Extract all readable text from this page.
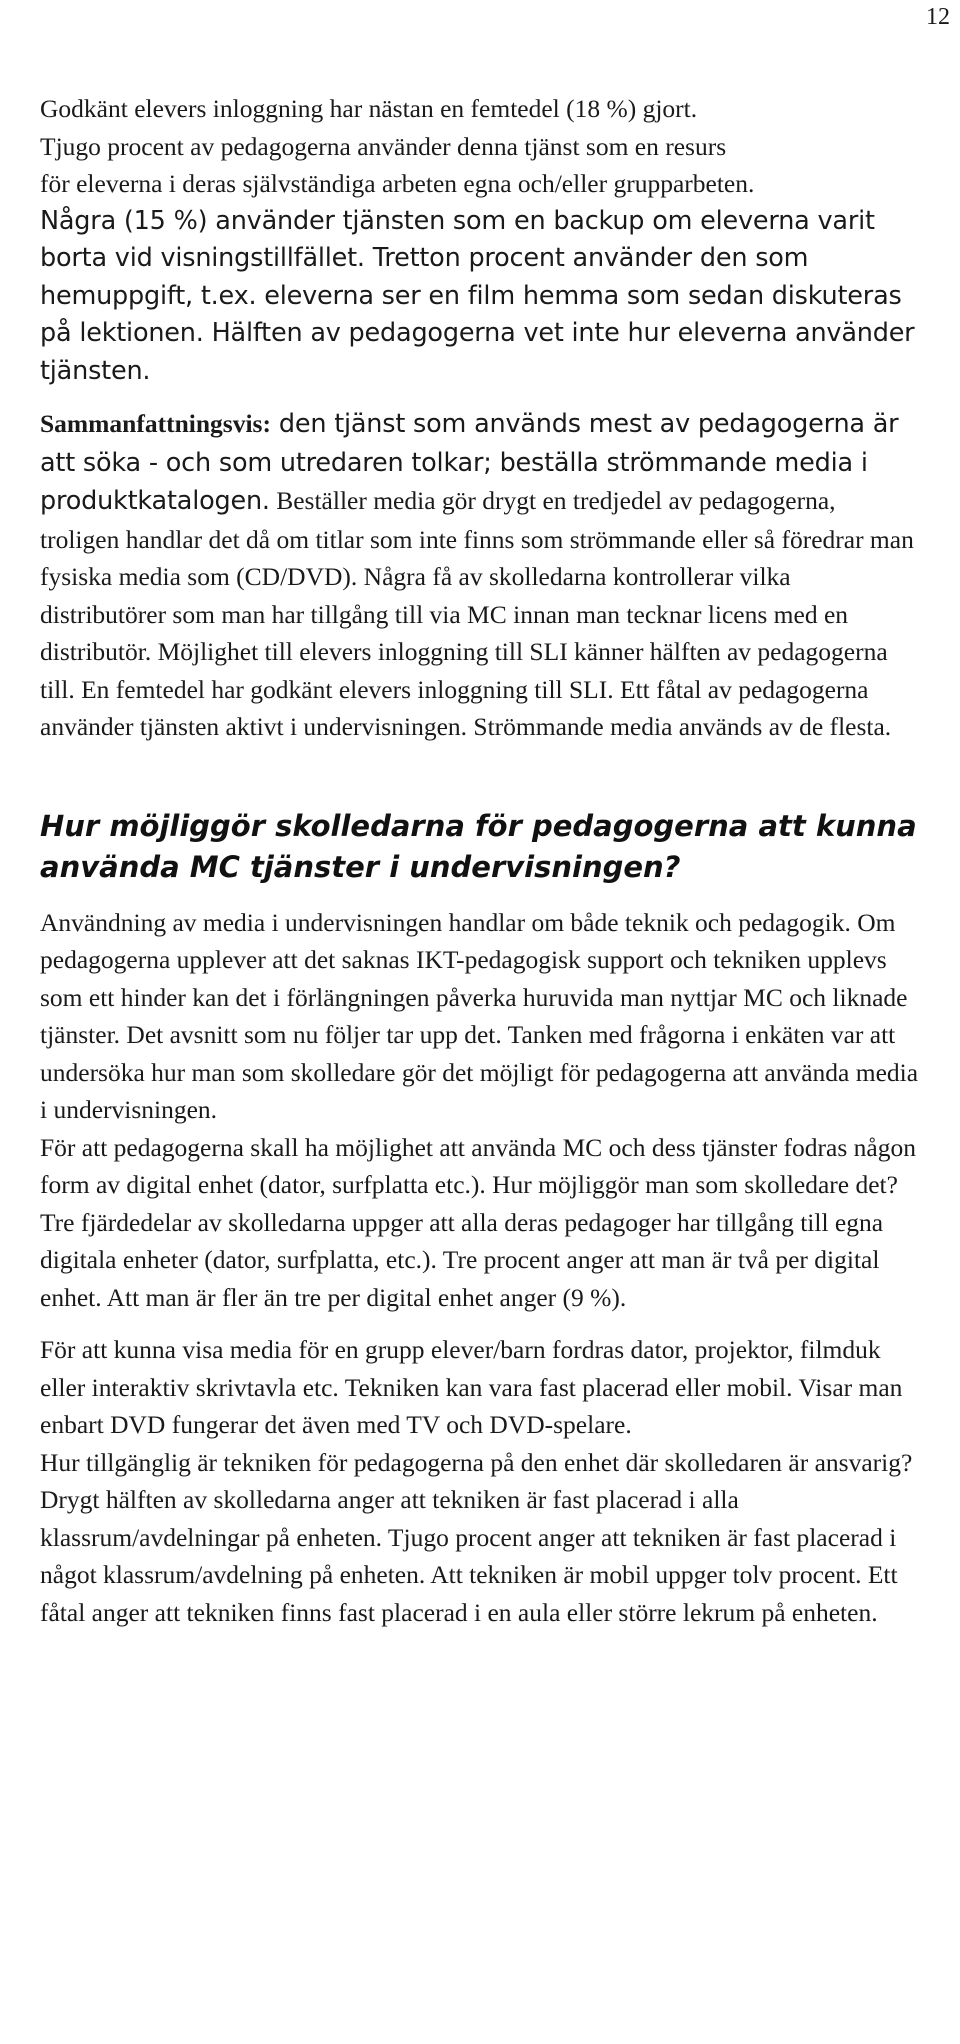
12

Godkänt elevers inloggning har nästan en femtedel (18 %) gjort.

Tjugo procent av pedagogerna använder denna tjänst som en resurs

för eleverna i deras självständiga arbeten egna och/eller grupparbeten.

Några (15 %) använder tjänsten som en backup om eleverna varit borta vid visningstillfället. Tretton procent använder den som hemuppgift, t.ex. eleverna ser en film hemma som sedan diskuteras på lektionen. Hälften av pedagogerna vet inte hur eleverna använder tjänsten.

Sammanfattningsvis: den tjänst som används mest av pedagogerna är att söka - och som utredaren tolkar; beställa strömmande media i produktkatalogen. Beställer media gör drygt en tredjedel av pedagogerna, troligen handlar det då om titlar som inte finns som strömmande eller så föredrar man fysiska media som (CD/DVD). Några få av skolledarna kontrollerar vilka distributörer som man har tillgång till via MC innan man tecknar licens med en distributör. Möjlighet till elevers inloggning till SLI känner hälften av pedagogerna till. En femtedel har godkänt elevers inloggning till SLI. Ett fåtal av pedagogerna använder tjänsten aktivt i undervisningen. Strömmande media används av de flesta.

Hur möjliggör skolledarna för pedagogerna att kunna använda MC tjänster i undervisningen?

Användning av media i undervisningen handlar om både teknik och pedagogik. Om pedagogerna upplever att det saknas IKT-pedagogisk support och tekniken upplevs som ett hinder kan det i förlängningen påverka huruvida man nyttjar MC och liknade tjänster. Det avsnitt som nu följer tar upp det. Tanken med frågorna i enkäten var att undersöka hur man som skolledare gör det möjligt för pedagogerna att använda media i undervisningen.

För att pedagogerna skall ha möjlighet att använda MC och dess tjänster fodras någon form av digital enhet (dator, surfplatta etc.). Hur möjliggör man som skolledare det?

Tre fjärdedelar av skolledarna uppger att alla deras pedagoger har tillgång till egna digitala enheter (dator, surfplatta, etc.). Tre procent anger att man är två per digital enhet. Att man är fler än tre per digital enhet anger (9 %).

För att kunna visa media för en grupp elever/barn fordras dator, projektor, filmduk eller interaktiv skrivtavla etc. Tekniken kan vara fast placerad eller mobil. Visar man enbart DVD fungerar det även med TV och DVD-spelare.

Hur tillgänglig är tekniken för pedagogerna på den enhet där skolledaren är ansvarig? Drygt hälften av skolledarna anger att tekniken är fast placerad i alla klassrum/avdelningar på enheten. Tjugo procent anger att tekniken är fast placerad i något klassrum/avdelning på enheten. Att tekniken är mobil uppger tolv procent. Ett fåtal anger att tekniken finns fast placerad i en aula eller större lekrum på enheten.
